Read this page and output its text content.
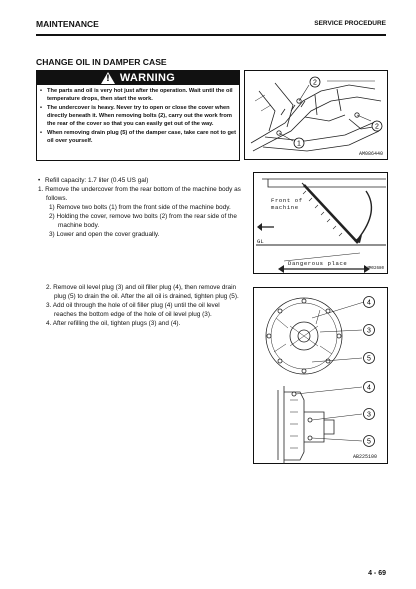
MAINTENANCE	SERVICE PROCEDURE
CHANGE OIL IN DAMPER CASE
! WARNING
• The parts and oil is very hot just after the operation. Wait until the oil temperature drops, then start the work.
• The undercover is heavy. Never try to open or close the cover when directly beneath it. When removing bolts (2), carry out the work from the rear of the cover so that you can easily get out of the way.
• When removing drain plug (5) of the damper case, take care not to get oil over yourself.
2
1
2
AM086440
• Refill capacity: 1.7 liter (0.45 US gal)
1. Remove the undercover from the rear bottom of the machine body as follows.
1) Remove two bolts (1) from the front side of the machine body.
2) Holding the cover, remove two bolts (2) from the rear side of the machine body.
3) Lower and open the cover gradually.
Front of
machine
GL
Dangerous place
9JM02680
2. Remove oil level plug (3) and oil filler plug (4), then remove drain plug (5) to drain the oil. After the all oil is drained, tighten plug (5).
3. Add oil through the hole of oil filler plug (4) until the oil level reaches the bottom edge of the hole of oil level plug (3).
4. After refilling the oil, tighten plugs (3) and (4).
4
3
5
4
3
5
AB225100
4 - 69
